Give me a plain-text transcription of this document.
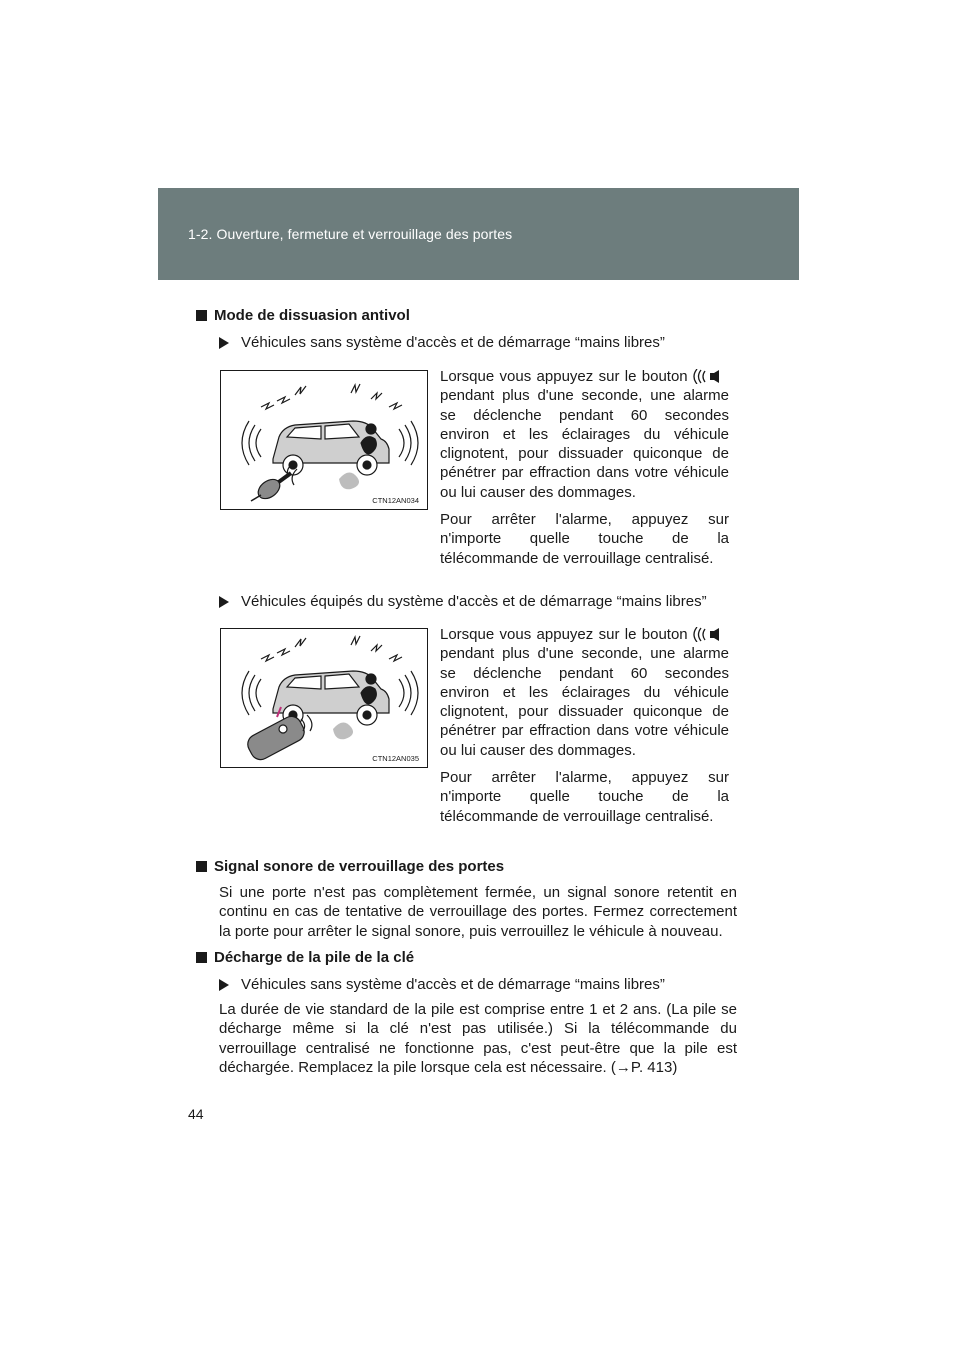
1-2. Ouverture, fermeture et verrouillage des portes
Mode de dissuasion antivol
Véhicules sans système d'accès et de démarrage “mains libres”
CTN12AN034

Lorsque vous appuyez sur le bouton  pendant plus d'une seconde, une alarme se déclenche pendant 60 secondes environ et les éclairages du véhicule clignotent, pour dissuader quiconque de pénétrer par effraction dans votre véhicule ou lui causer des dommages.

Pour arrêter l'alarme, appuyez sur n'importe quelle touche de la télécommande de verrouillage centralisé.

Véhicules équipés du système d'accès et de démarrage “mains libres”
CTN12AN035

Lorsque vous appuyez sur le bouton  pendant plus d'une seconde, une alarme se déclenche pendant 60 secondes environ et les éclairages du véhicule clignotent, pour dissuader quiconque de pénétrer par effraction dans votre véhicule ou lui causer des dommages.

Pour arrêter l'alarme, appuyez sur n'importe quelle touche de la télécommande de verrouillage centralisé.

Signal sonore de verrouillage des portes

Si une porte n'est pas complètement fermée, un signal sonore retentit en continu en cas de tentative de verrouillage des portes. Fermez correctement la porte pour arrêter le signal sonore, puis verrouillez le véhicule à nouveau.

Décharge de la pile de la clé
Véhicules sans système d'accès et de démarrage “mains libres”

La durée de vie standard de la pile est comprise entre 1 et 2 ans. (La pile se décharge même si la clé n'est pas utilisée.) Si la télécommande du verrouillage centralisé ne fonctionne pas, c'est peut-être que la pile est déchargée. Remplacez la pile lorsque cela est nécessaire. (→P. 413)

44
